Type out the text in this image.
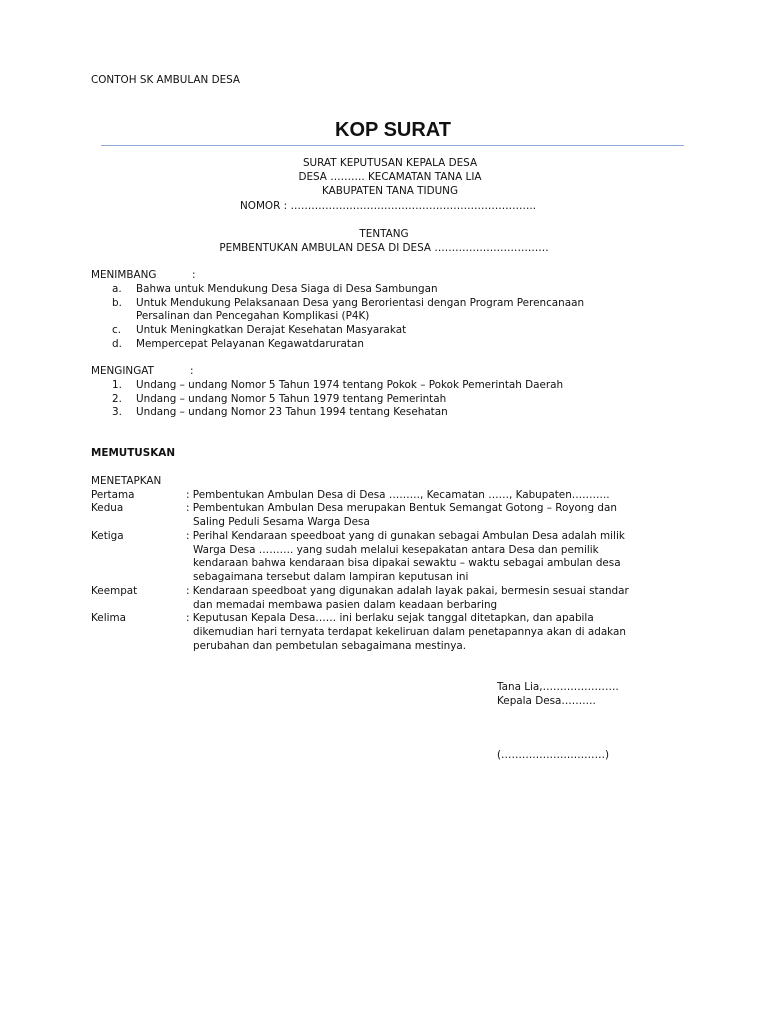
CONTOH SK AMBULAN DESA
KOP SURAT
SURAT KEPUTUSAN KEPALA DESA
DESA ………. KECAMATAN TANA LIA
KABUPATEN TANA TIDUNG
NOMOR : ……………………………………………………………..
TENTANG
PEMBENTUKAN AMBULAN DESA DI DESA ……………………………
MENIMBANG	:
a. Bahwa untuk Mendukung Desa Siaga di Desa Sambungan
b. Untuk Mendukung Pelaksanaan Desa yang Berorientasi dengan Program Perencanaan
Persalinan dan Pencegahan Komplikasi (P4K)
c. Untuk Meningkatkan Derajat Kesehatan Masyarakat
d. Mempercepat Pelayanan Kegawatdaruratan
MENGINGAT	:
1. Undang – undang Nomor 5 Tahun 1974 tentang Pokok – Pokok Pemerintah Daerah
2. Undang – undang Nomor 5 Tahun 1979 tentang Pemerintah
3. Undang – undang Nomor 23 Tahun 1994 tentang Kesehatan
MEMUTUSKAN
MENETAPKAN
Pertama	: Pembentukan Ambulan Desa di Desa ………, Kecamatan ……, Kabupaten………..
Kedua	: Pembentukan Ambulan Desa merupakan Bentuk Semangat Gotong – Royong dan
Saling Peduli Sesama Warga Desa
Ketiga	: Perihal Kendaraan speedboat yang di gunakan sebagai Ambulan Desa adalah milik
Warga Desa ………. yang sudah melalui kesepakatan antara Desa dan pemilik
kendaraan bahwa kendaraan bisa dipakai sewaktu – waktu sebagai ambulan desa
sebagaimana tersebut dalam lampiran keputusan ini
Keempat	: Kendaraan speedboat yang digunakan adalah layak pakai, bermesin sesuai standar
dan memadai membawa pasien dalam keadaan berbaring
Kelima	: Keputusan Kepala Desa…… ini berlaku sejak tanggal ditetapkan, dan apabila
dikemudian hari ternyata terdapat kekeliruan dalam penetapannya akan di adakan
perubahan dan pembetulan sebagaimana mestinya.
Tana Lia,………………….
Kepala Desa……….
(…………………………)
